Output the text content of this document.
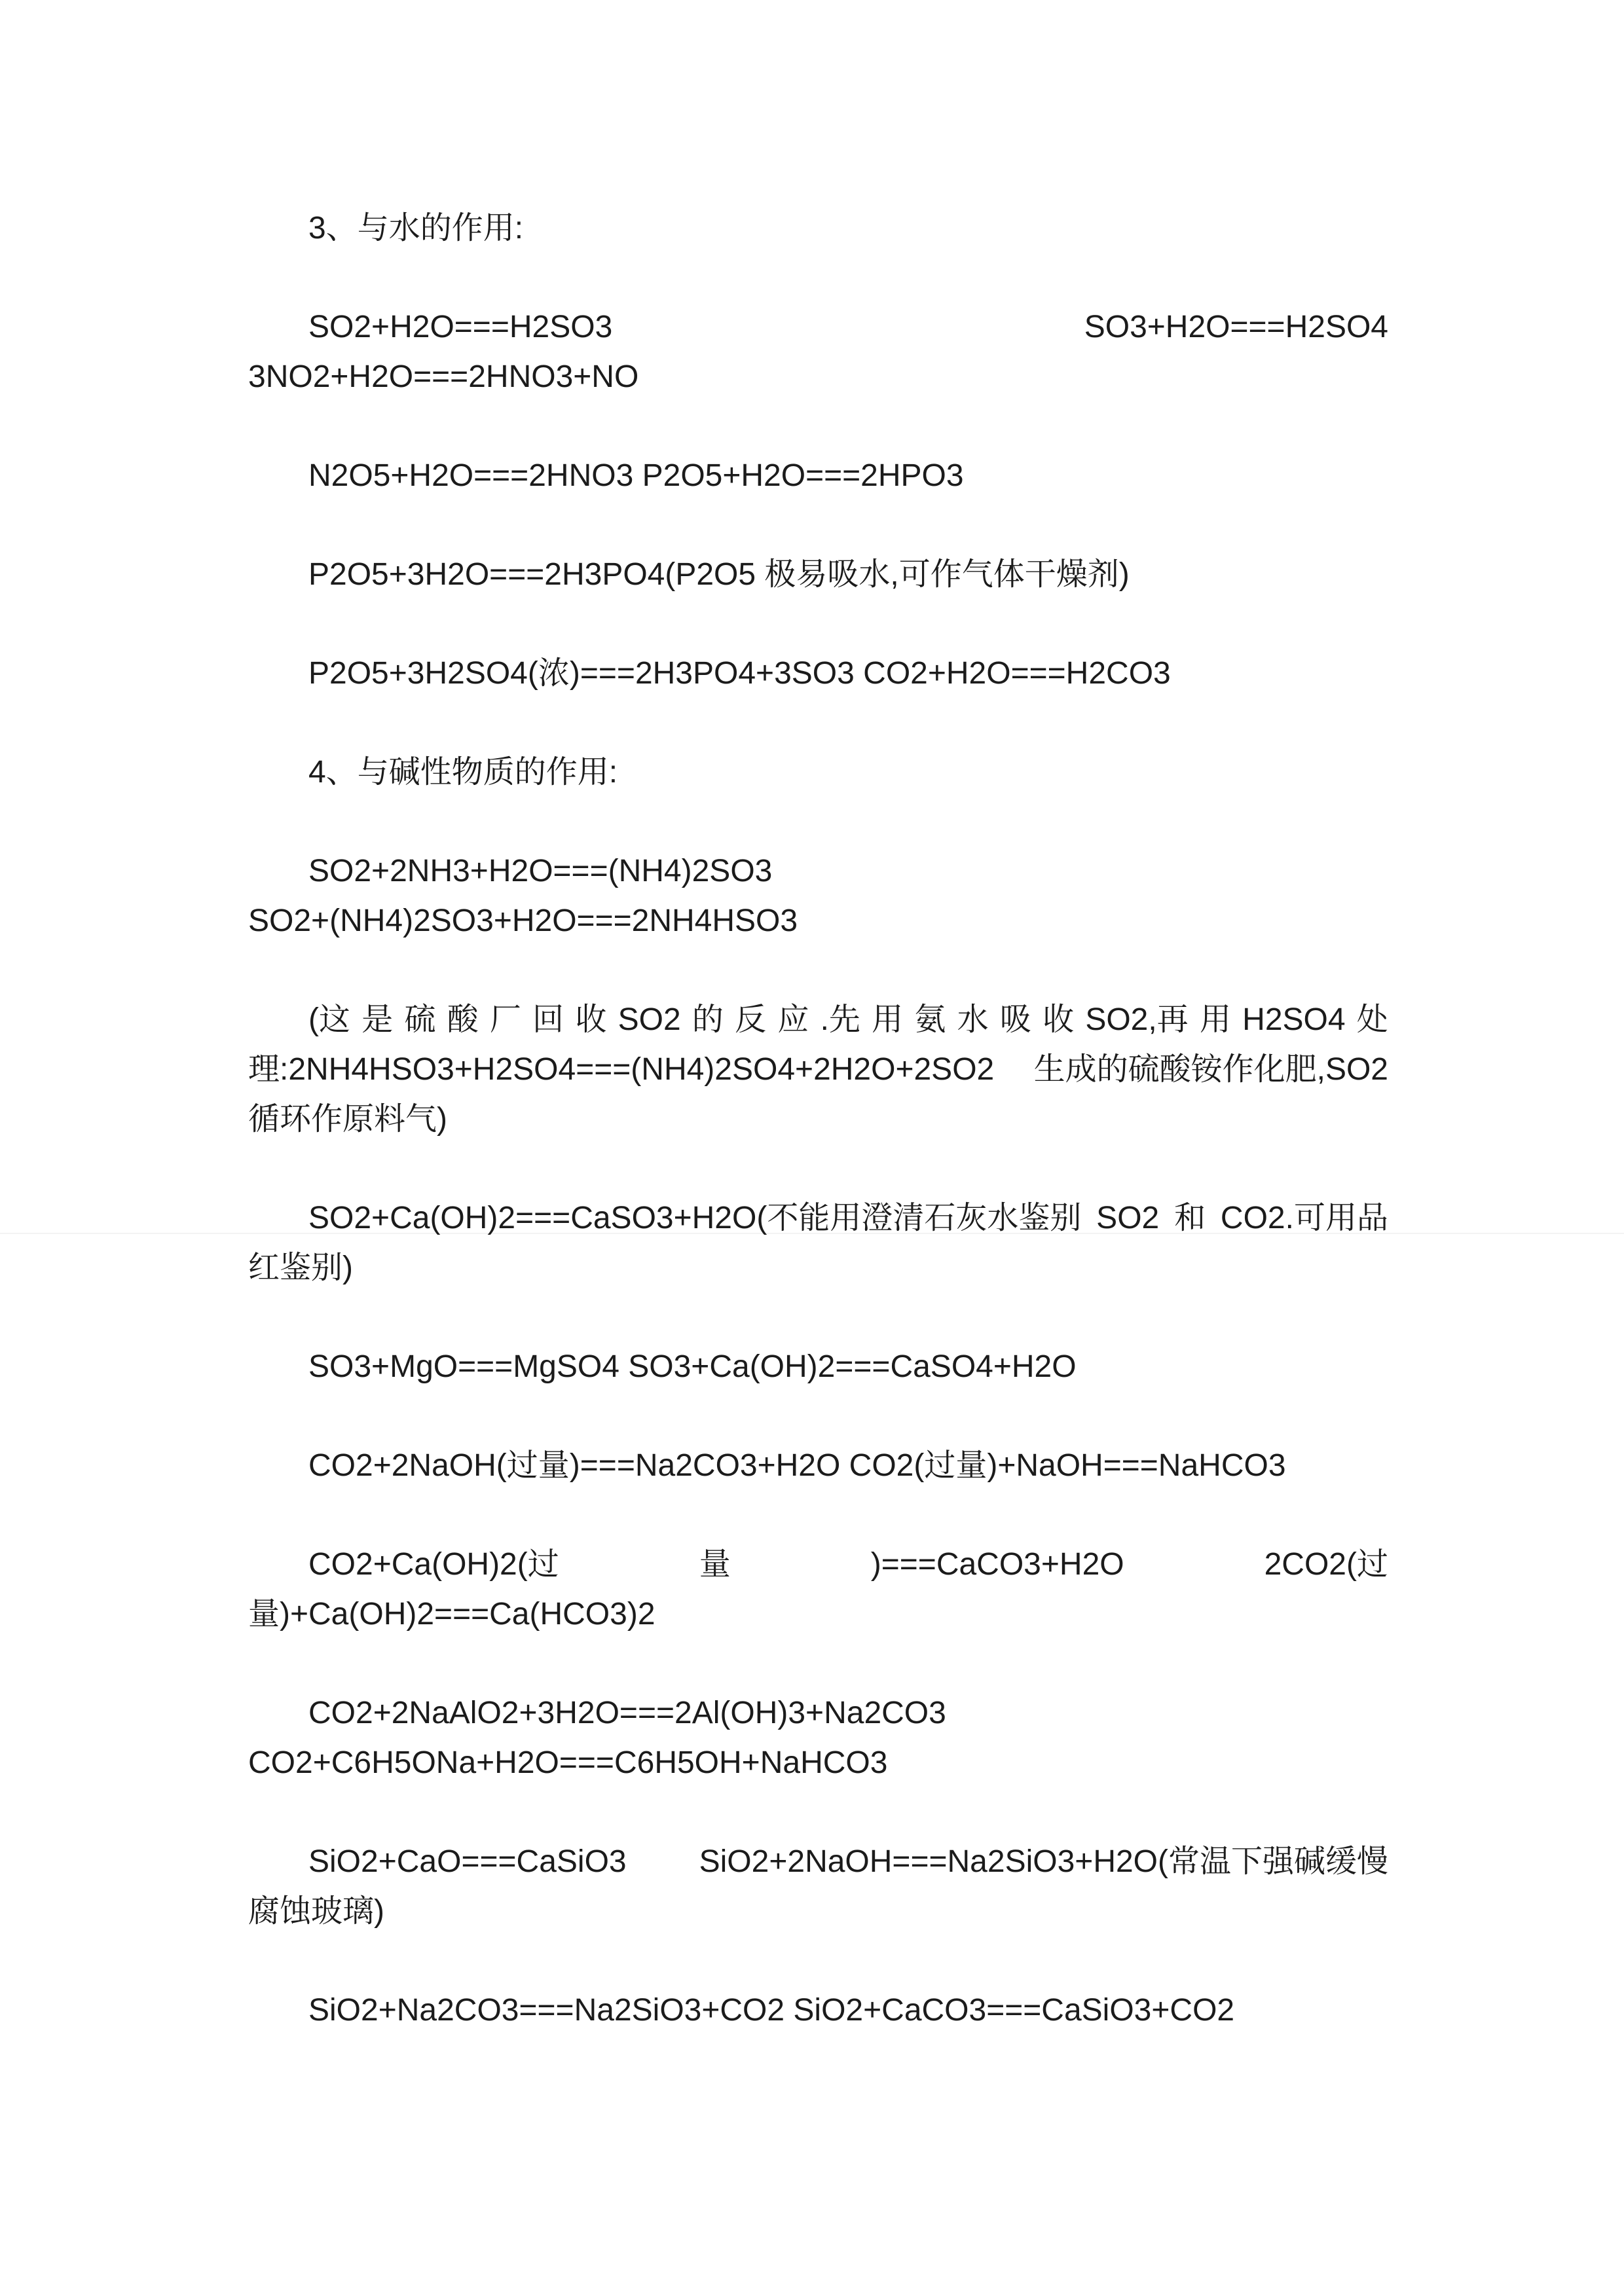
3、与水的作用:
SO2+H2O===H2SO3	SO3+H2O===H2SO4
3NO2+H2O===2HNO3+NO
N2O5+H2O===2HNO3 P2O5+H2O===2HPO3
P2O5+3H2O===2H3PO4(P2O5 极易吸水,可作气体干燥剂)
P2O5+3H2SO4(浓)===2H3PO4+3SO3 CO2+H2O===H2CO3
4、与碱性物质的作用:
SO2+2NH3+H2O===(NH4)2SO3
SO2+(NH4)2SO3+H2O===2NH4HSO3
(这 是 硫 酸 厂 回 收 SO2 的 反 应 .先 用 氨 水 吸 收 SO2,再 用 H2SO4 处
理:2NH4HSO3+H2SO4===(NH4)2SO4+2H2O+2SO2 生成的硫酸铵作化肥,SO2
循环作原料气)
SO2+Ca(OH)2===CaSO3+H2O(不能用澄清石灰水鉴别 SO2 和 CO2.可用品
红鉴别)
SO3+MgO===MgSO4 SO3+Ca(OH)2===CaSO4+H2O
CO2+2NaOH(过量)===Na2CO3+H2O CO2(过量)+NaOH===NaHCO3
CO2+Ca(OH)2(过	量	)===CaCO3+H2O	2CO2(过
量)+Ca(OH)2===Ca(HCO3)2
CO2+2NaAlO2+3H2O===2Al(OH)3+Na2CO3
CO2+C6H5ONa+H2O===C6H5OH+NaHCO3
SiO2+CaO===CaSiO3 SiO2+2NaOH===Na2SiO3+H2O(常温下强碱缓慢
腐蚀玻璃)
SiO2+Na2CO3===Na2SiO3+CO2 SiO2+CaCO3===CaSiO3+CO2
